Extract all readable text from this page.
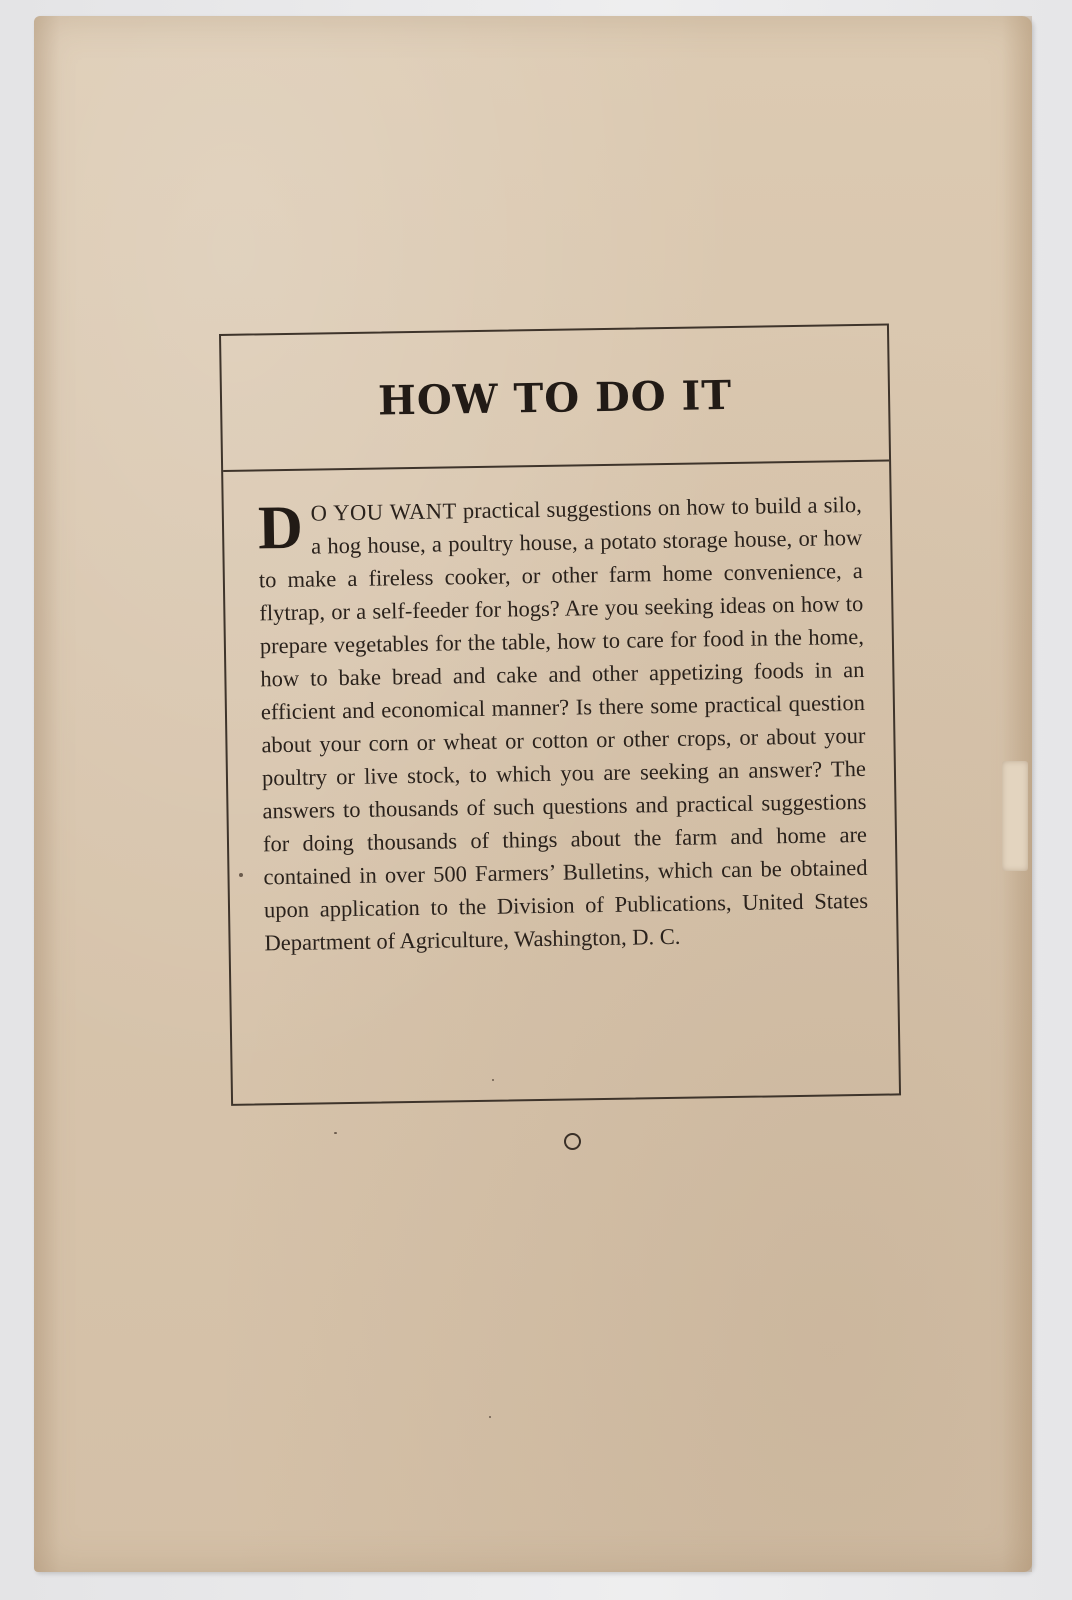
HOW TO DO IT

D O YOU WANT practical suggestions on how to build a silo, a hog house, a poultry house, a potato storage house, or how to make a fireless cooker, or other farm home convenience, a flytrap, or a self-feeder for hogs? Are you seeking ideas on how to prepare vegetables for the table, how to care for food in the home, how to bake bread and cake and other appetizing foods in an efficient and economical manner? Is there some practical question about your corn or wheat or cotton or other crops, or about your poultry or live stock, to which you are seeking an answer? The answers to thousands of such questions and practical suggestions for doing thousands of things about the farm and home are contained in over 500 Farmers’ Bulletins, which can be obtained upon application to the Division of Publications, United States Department of Agriculture, Washington, D. C.
